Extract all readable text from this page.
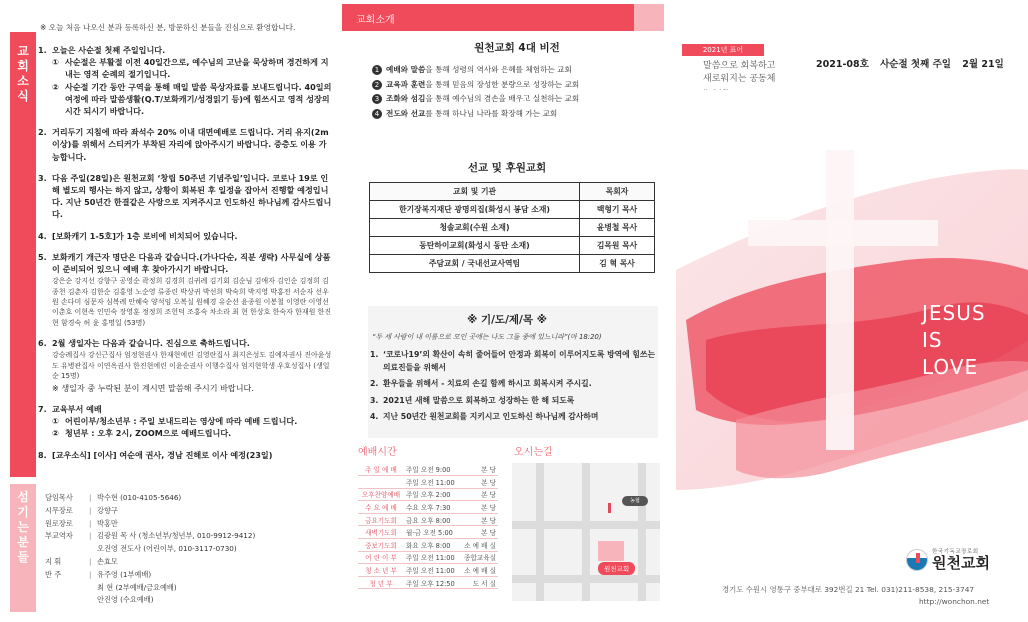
교회소식
섬기는분들
※ 오늘 처음 나오신 분과 등록하신 분, 방문하신 분들을 진심으로 환영합니다.
1. 오늘은 사순절 첫째 주일입니다.
① 사순절은 부활절 이전 40일간으로, 예수님의 고난을 묵상하며 경건하게 지내는 영적 순례의 절기입니다.
② 사순절 기간 동안 구역을 통해 매일 말씀 묵상자료를 보내드립니다. 40일의 여정에 따라 말씀생활(Q.T/보화캐기/성경읽기 등)에 힘쓰시고 영적 성장의 시간 되시기 바랍니다.
2. 거리두기 지침에 따라 좌석수 20% 이내 대면예배로 드립니다. 거리 유지(2m 이상)를 위해서 스티커가 부착된 자리에 앉아주시기 바랍니다. 중층도 이용 가능합니다.
3. 다음 주일(28일)은 원천교회 ‘창립 50주년 기념주일’입니다. 코로나 19로 인해 별도의 행사는 하지 않고, 상황이 회복된 후 일정을 잡아서 진행할 예정입니다. 지난 50년간 한결같은 사랑으로 지켜주시고 인도하신 하나님께 감사드립니다.
4. [보화캐기 1-5호]가 1층 로비에 비치되어 있습니다.
5. 보화캐기 개근자 명단은 다음과 같습니다.(가나다순, 직분 생략) 사무실에 상품이 준비되어 있으니 예배 후 찾아가시기 바랍니다.
강은순 강지선 강향구 공영순 곽정희 김경희 김귀례 김기회 김순님 김애자 김인순 김정희 김종천 김춘자 김한순 김홍영 노순영 류종린 박상귀 박선희 박숙희 박지영 박홍전 서순자 선우원 손다미 심문자 심복례 안혜숙 양석임 오복실 원혜경 유순선 윤종원 이봉철 이영란 이영선 이춘호 이현옥 인민숙 장영훈 정정희 조헌덕 조홍숙 차소라 최 현 한상호 한숙자 한재원 한진현 함경숙 허 윤 홍명일 (53명)
6. 2월 생일자는 다음과 같습니다. 진심으로 축하드립니다.
강승례집사 강신근집사 엄정현권사 한재현에린 김영란집사 최지은성도 김예자권사 진아윤성도 유병관집사 이연옥권사 한진현에린 이윤순권사 이행수집사 엄지현학생 우호성집사 (생일순 15명)
※ 생일자 중 누락된 분이 계시면 말씀해 주시기 바랍니다.
7. 교육부서 예배
① 어린이부/청소년부 : 주일 보내드리는 영상에 따라 예배 드립니다.
② 청년부 : 오후 2시, ZOOM으로 예배드립니다.
8. [교우소식] [이사] 여순애 권사, 경남 진해로 이사 예정(23일)
담임목사	| 박수현 (010-4105-5646)
시무장로	| 강향구
원로장로	| 박홍만
부교역자	| 김광원 목 사 (청소년부/청년부, 010-9912-9412)
오진영 전도사 (어린이부, 010-3117-0730)
지 휘	| 손효모
반 주	| 유주영 (1부예배)
최 현 (2부예배/금요예배)
안진영 (수요예배)
교회소개
원천교회 4대 비전
1 예배와 말씀 을 통해 성령의 역사와 은혜를 체험하는 교회
2 교육과 훈련 을 통해 믿음의 장성한 분량으로 성장하는 교회
3 조화와 섬김 을 통해 예수님의 겸손을 배우고 실천하는 교회
4 전도와 선교 를 통해 하나님 나라를 확장해 가는 교회
선교 및 후원교회
교회 및 기관	목회자
한기장복지재단 광명의집(화성시 봉담 소재)	백형기 목사
청솔교회(수원 소재)	윤병철 목사
동탄하이교회(화성시 동탄 소재)	김목원 목사
주담교회 / 국내선교사역팀	김 혁 목사
※ 기/도/제/목 ※
“두 세 사람이 내 이름으로 모인 곳에는 나도 그들 중에 있느니라”(마 18:20)
1. ‘코로나19’의 확산이 속히 줄어들어 안정과 회복이 이루어지도록 방역에 힘쓰는 의료진들을 위해서
2. 환우들을 위해서 - 치료의 손길 함께 하시고 회복시켜 주시길.
3. 2021년 새해 말씀으로 회복하고 성장하는 한 해 되도록
4. 지난 50년간 원천교회를 지키시고 인도하신 하나님께 감사하며
예배시간
주 일 예 배	주일 오전 9:00	본 당
	주일 오전 11:00	본 당
오후찬양예배	주일 오후 2:00	본 당
수 요 예 배	수요 오후 7:30	본 당
금요기도회	금요 오후 8:00	본 당
새벽기도회	월-금 오전 5:00	본 당
중보기도회	화요 오후 8:00	소 예 배 실
어 린 이 부	주일 오전 11:00	종합교육실
청 소 년 부	주일 오전 11:00	소 예 배 실
청 년 부	주일 오후 12:50	도 서 실
오시는길
농협
원천교회
2021년 표어
말씀으로 회복하고
새로워지는 공동체
2021-08호 사순절 첫째 주일 2월 21일
JESUS
IS
LOVE
한국기독교장로회
원천교회
경기도 수원시 영통구 중부대로 392번길 21 Tel. 031)211-8538, 215-3747
http://wonchon.net
